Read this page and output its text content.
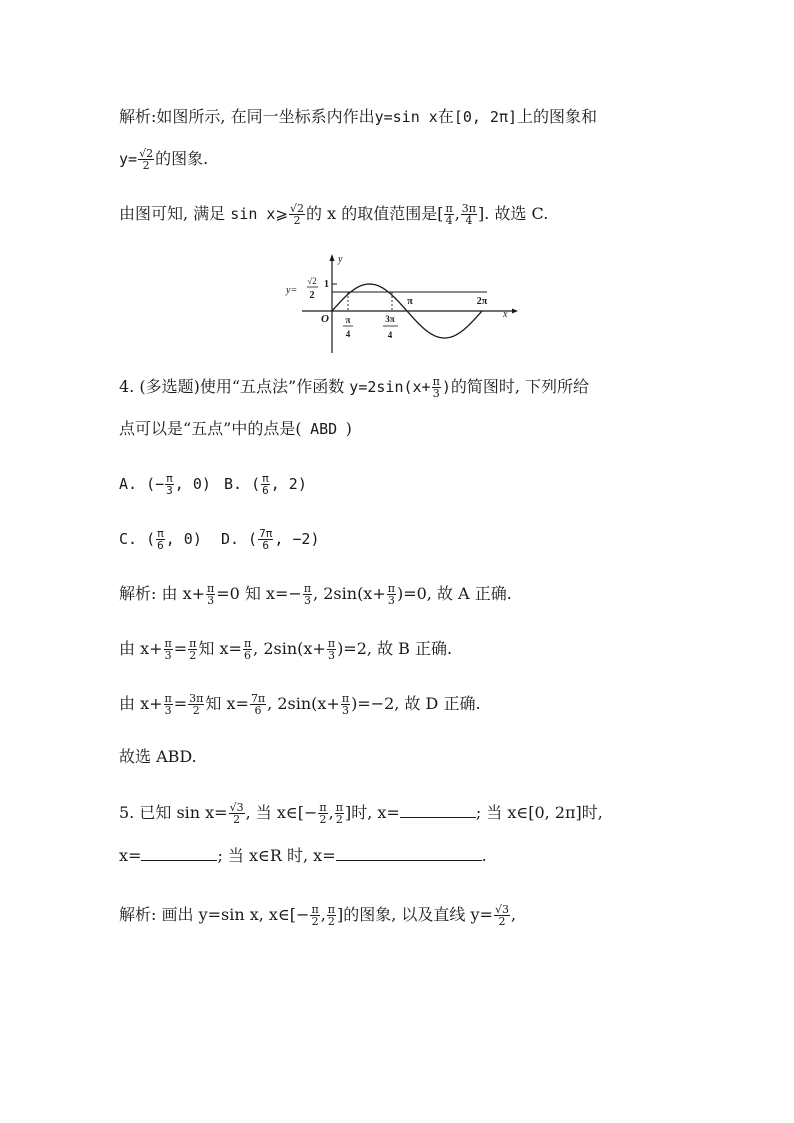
解析:如图所示, 在同一坐标系内作出y=sin x在[0, 2π]上的图象和
$y= \frac{√2}{2}$ 的图象.
由图可知, 满足 sin x⩾ $\frac{√2}{2}$ 的 x 的取值范围是[ $\frac{\pi}{4}$ , $\frac{3\pi}{4}$ ]. 故选 C.
y
x
O
1
y=
√2
2
π
4
3π
4
π	2π
4. (多选题)使用“五点法”作函数 $y=2\sin(x+ \frac{\pi}{3}$ )的简图时, 下列所给
点可以是“五点”中的点是( ABD )
A. (− $\frac{\pi}{3}$ , 0) B. ( $\frac{\pi}{6}$ , 2)
C. ( $\frac{\pi}{6}$ , 0) D. ( $\frac{7\pi}{6}$ , −2)
解析: 由 $x+ \frac{\pi}{3} =0$ 知 $x=- \frac{\pi}{3}$ , $2\sin(x+ \frac{\pi}{3} )=0$, 故 A 正确.
由 $x+ \frac{\pi}{3} = \frac{\pi}{2}$ 知 $x= \frac{\pi}{6}$ , $2\sin(x+ \frac{\pi}{3} )=2$, 故 B 正确.
由 $x+ \frac{\pi}{3} = \frac{3\pi}{2}$ 知 $x= \frac{7\pi}{6}$ , $2\sin(x+ \frac{\pi}{3} )=-2$, 故 D 正确.
故选 ABD.
5. 已知 $\sin x= \frac{√3}{2}$ , 当 x∈[− $\frac{\pi}{2}$ , $\frac{\pi}{2}$ ]时, x=	; 当 x∈[0, 2π]时,
x=	; 当 x∈R 时, x=	.
解析: 画出 y=sin x, x∈[− $\frac{\pi}{2}$ , $\frac{\pi}{2}$ ]的图象, 以及直线 $y= \frac{√3}{2}$ ,
